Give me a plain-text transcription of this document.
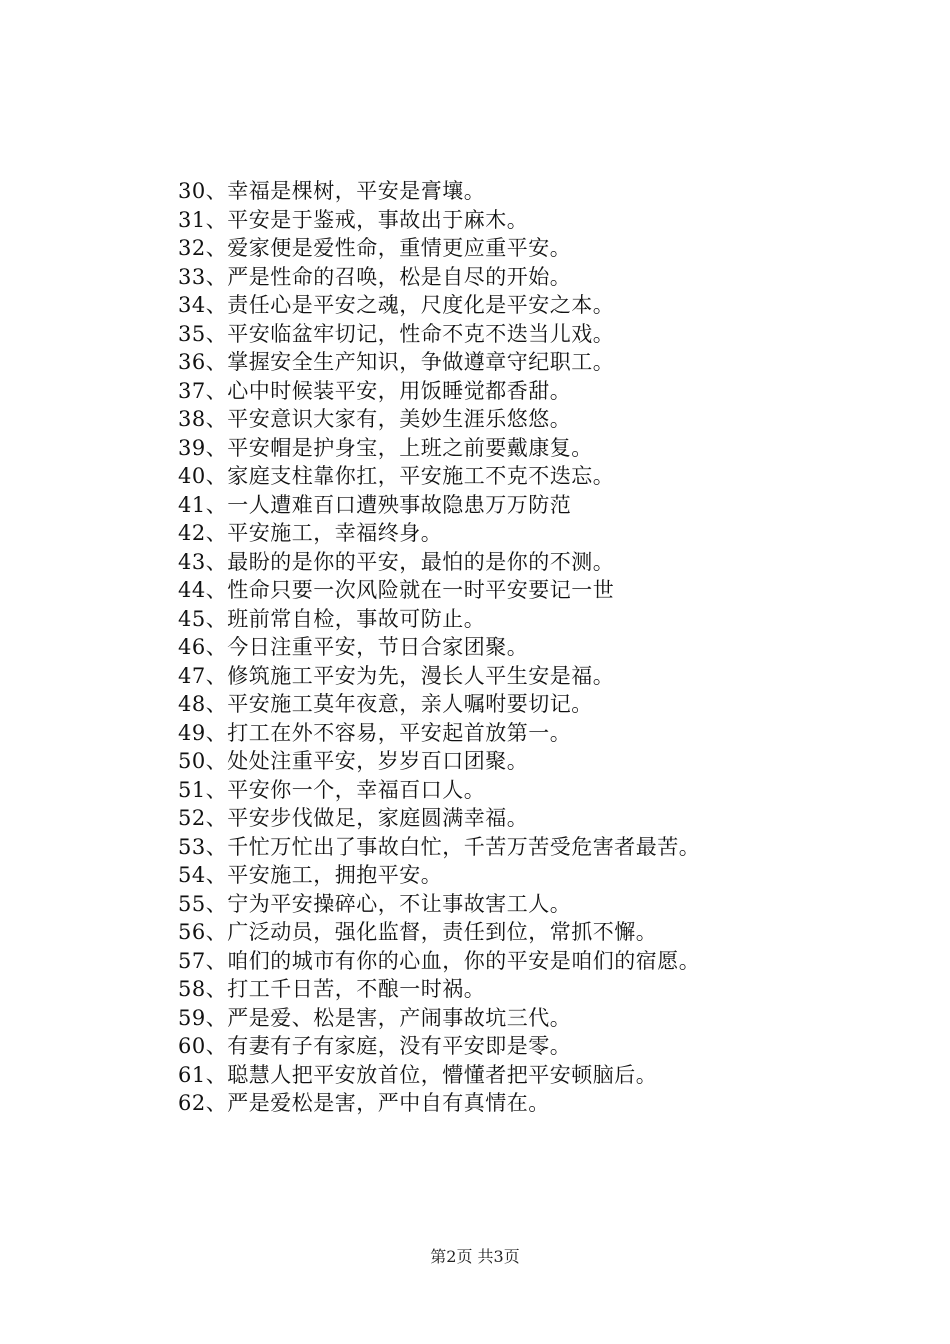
30、幸福是棵树，平安是膏壤。
31、平安是于鉴戒，事故出于麻木。
32、爱家便是爱性命，重情更应重平安。
33、严是性命的召唤，松是自尽的开始。
34、责任心是平安之魂，尺度化是平安之本。
35、平安临盆牢切记，性命不克不迭当儿戏。
36、掌握安全生产知识，争做遵章守纪职工。
37、心中时候装平安，用饭睡觉都香甜。
38、平安意识大家有，美妙生涯乐悠悠。
39、平安帽是护身宝，上班之前要戴康复。
40、家庭支柱靠你扛，平安施工不克不迭忘。
41、一人遭难百口遭殃事故隐患万万防范
42、平安施工，幸福终身。
43、最盼的是你的平安，最怕的是你的不测。
44、性命只要一次风险就在一时平安要记一世
45、班前常自检，事故可防止。
46、今日注重平安，节日合家团聚。
47、修筑施工平安为先，漫长人平生安是福。
48、平安施工莫年夜意，亲人嘱咐要切记。
49、打工在外不容易，平安起首放第一。
50、处处注重平安，岁岁百口团聚。
51、平安你一个，幸福百口人。
52、平安步伐做足，家庭圆满幸福。
53、千忙万忙出了事故白忙，千苦万苦受危害者最苦。
54、平安施工，拥抱平安。
55、宁为平安操碎心，不让事故害工人。
56、广泛动员，强化监督，责任到位，常抓不懈。
57、咱们的城市有你的心血，你的平安是咱们的宿愿。
58、打工千日苦，不酿一时祸。
59、严是爱、松是害，产闹事故坑三代。
60、有妻有子有家庭，没有平安即是零。
61、聪慧人把平安放首位，懵懂者把平安顿脑后。
62、严是爱松是害，严中自有真情在。
第2页 共3页
